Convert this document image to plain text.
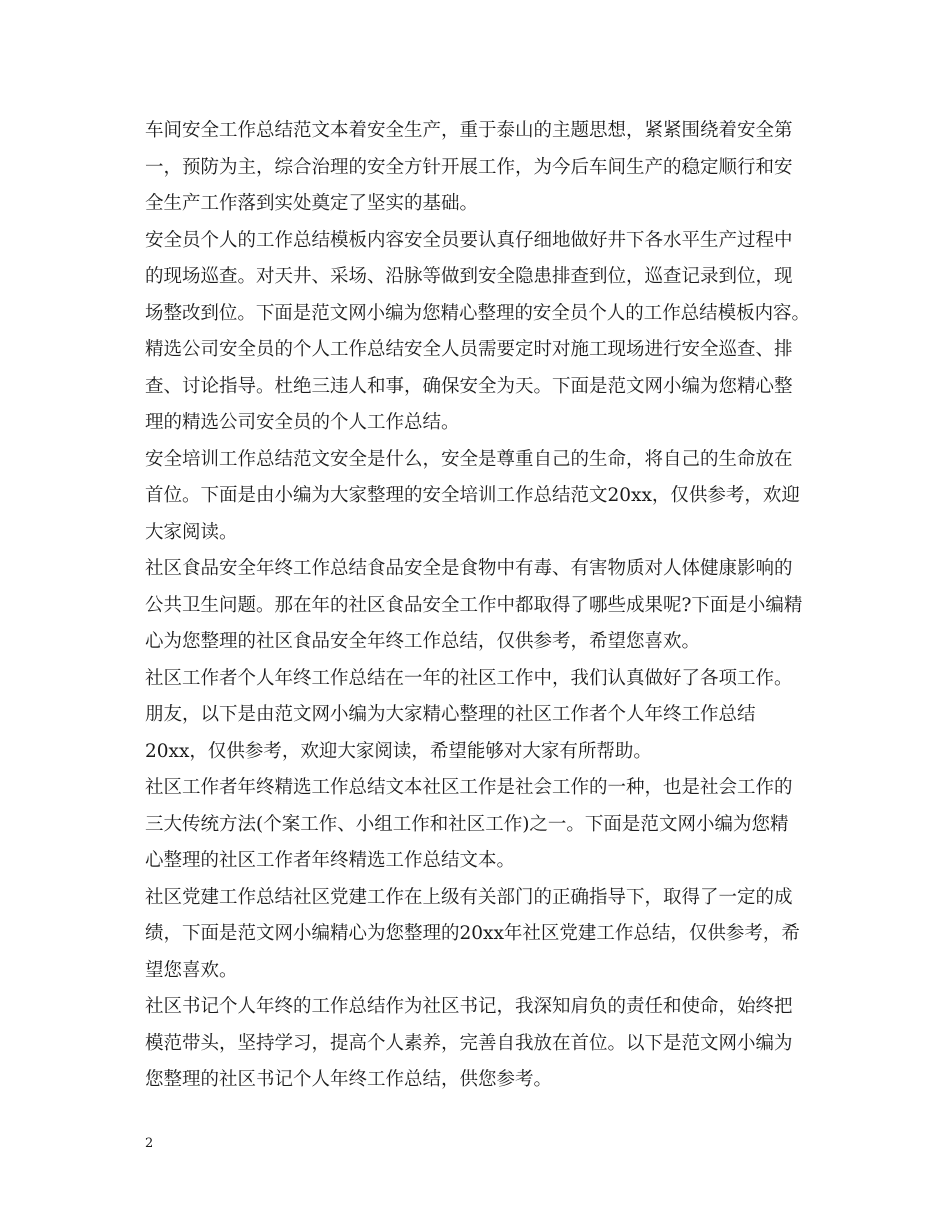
车间安全工作总结范文本着安全生产，重于泰山的主题思想，紧紧围绕着安全第
一，预防为主，综合治理的安全方针开展工作，为今后车间生产的稳定顺行和安
全生产工作落到实处奠定了坚实的基础。

安全员个人的工作总结模板内容安全员要认真仔细地做好井下各水平生产过程中
的现场巡查。对天井、采场、沿脉等做到安全隐患排查到位，巡查记录到位，现
场整改到位。下面是范文网小编为您精心整理的安全员个人的工作总结模板内容。

精选公司安全员的个人工作总结安全人员需要定时对施工现场进行安全巡查、排
查、讨论指导。杜绝三违人和事，确保安全为天。下面是范文网小编为您精心整
理的精选公司安全员的个人工作总结。

安全培训工作总结范文安全是什么，安全是尊重自己的生命，将自己的生命放在
首位。下面是由小编为大家整理的安全培训工作总结范文20xx，仅供参考，欢迎
大家阅读。

社区食品安全年终工作总结食品安全是食物中有毒、有害物质对人体健康影响的
公共卫生问题。那在年的社区食品安全工作中都取得了哪些成果呢?下面是小编精
心为您整理的社区食品安全年终工作总结，仅供参考，希望您喜欢。

社区工作者个人年终工作总结在一年的社区工作中，我们认真做好了各项工作。
朋友，以下是由范文网小编为大家精心整理的社区工作者个人年终工作总结
20xx，仅供参考，欢迎大家阅读，希望能够对大家有所帮助。

社区工作者年终精选工作总结文本社区工作是社会工作的一种，也是社会工作的
三大传统方法(个案工作、小组工作和社区工作)之一。下面是范文网小编为您精
心整理的社区工作者年终精选工作总结文本。

社区党建工作总结社区党建工作在上级有关部门的正确指导下，取得了一定的成
绩，下面是范文网小编精心为您整理的20xx年社区党建工作总结，仅供参考，希
望您喜欢。

社区书记个人年终的工作总结作为社区书记，我深知肩负的责任和使命，始终把
模范带头，坚持学习，提高个人素养，完善自我放在首位。以下是范文网小编为
您整理的社区书记个人年终工作总结，供您参考。

2
